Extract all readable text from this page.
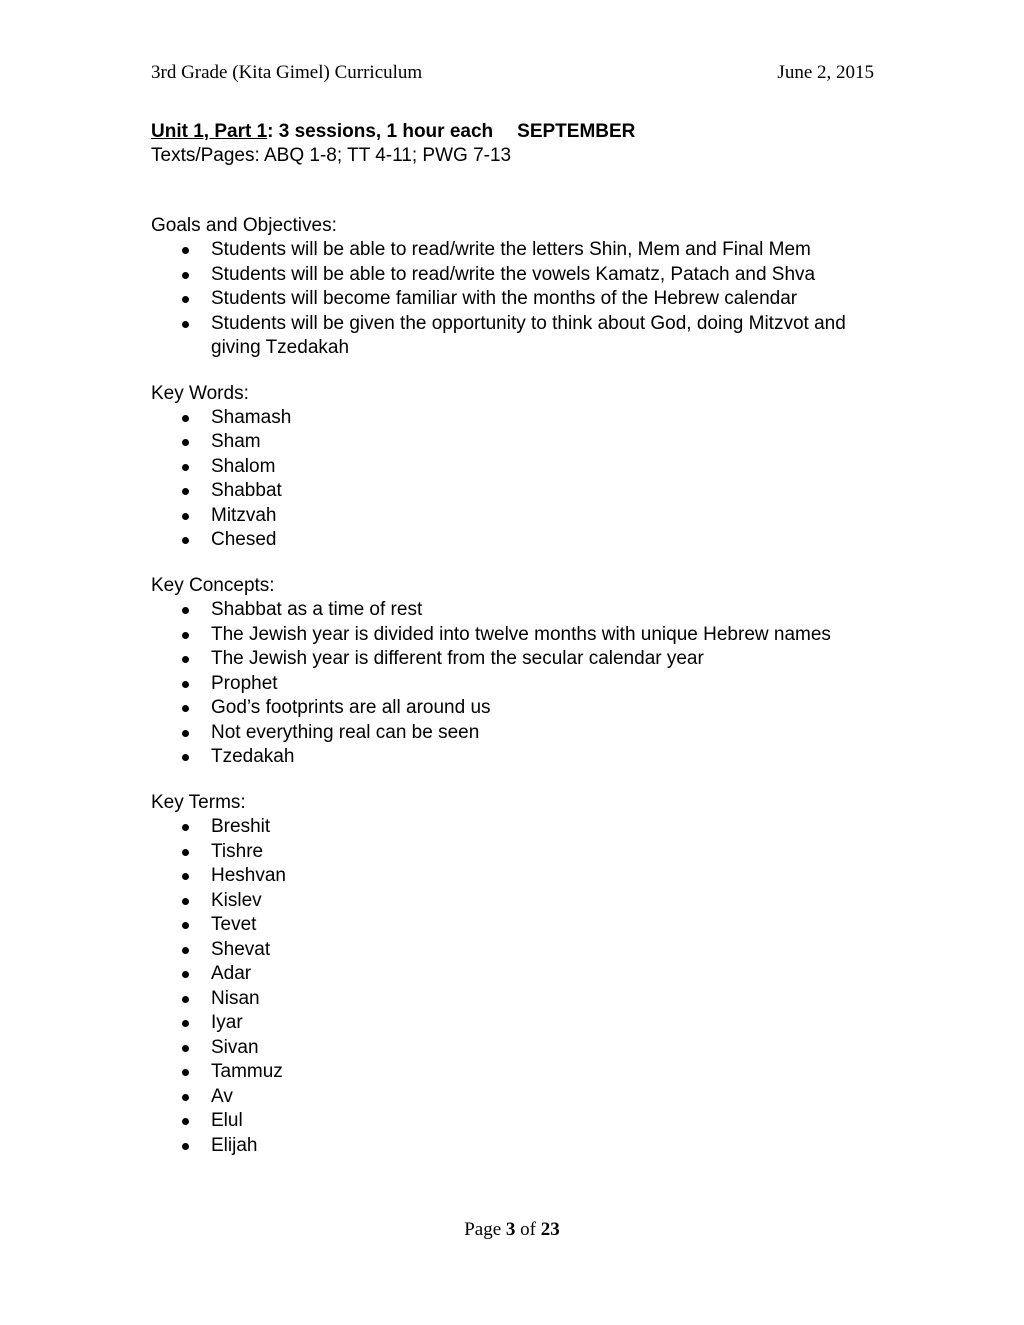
3rd Grade (Kita Gimel) Curriculum	June 2, 2015

Unit 1, Part 1: 3 sessions, 1 hour each SEPTEMBER

Texts/Pages: ABQ 1-8; TT 4-11; PWG 7-13

Goals and Objectives:

Students will be able to read/write the letters Shin, Mem and Final Mem
Students will be able to read/write the vowels Kamatz, Patach and Shva
Students will become familiar with the months of the Hebrew calendar
Students will be given the opportunity to think about God, doing Mitzvot and giving Tzedakah

Key Words:

Shamash
Sham
Shalom
Shabbat
Mitzvah
Chesed

Key Concepts:

Shabbat as a time of rest
The Jewish year is divided into twelve months with unique Hebrew names
The Jewish year is different from the secular calendar year
Prophet
God’s footprints are all around us
Not everything real can be seen
Tzedakah

Key Terms:

Breshit
Tishre
Heshvan
Kislev
Tevet
Shevat
Adar
Nisan
Iyar
Sivan
Tammuz
Av
Elul
Elijah
Page 3 of 23
